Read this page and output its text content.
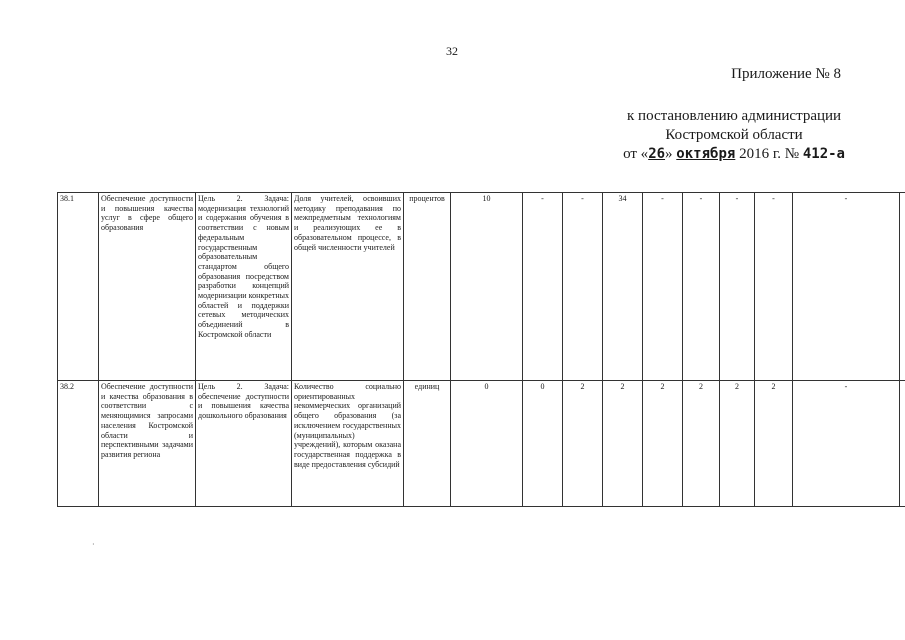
32
Приложение № 8
к постановлению администрации
Костромской области
от «26» октября 2016 г. № 412-а
38.1	Обеспечение доступности и повышения качества услуг в сфере общего образования	Цель 2. Задача: модернизация технологий и содержания обучения в соответствии с новым федеральным государственным образовательным стандартом общего образования посредством разработки концепций модернизации конкретных областей и поддержки сетевых методических объединений в Костромской области	Доля учителей, освоивших методику преподавания по межпредметным технологиям и реализующих ее в образовательном процессе, в общей численности учителей	процентов	10	-	-	34	-	-	-	-	-	
38.2	Обеспечение доступности и качества образования в соответствии с меняющимися запросами населения Костромской области и перспективными задачами развития региона	Цель 2. Задача: обеспечение доступности и повышения качества дошкольного образования	Количество социально ориентированных некоммерческих организаций общего образования (за исключением государственных (муниципальных) учреждений), которым оказана государственная поддержка в виде предоставления субсидий	единиц	0	0	2	2	2	2	2	2	-	
·
